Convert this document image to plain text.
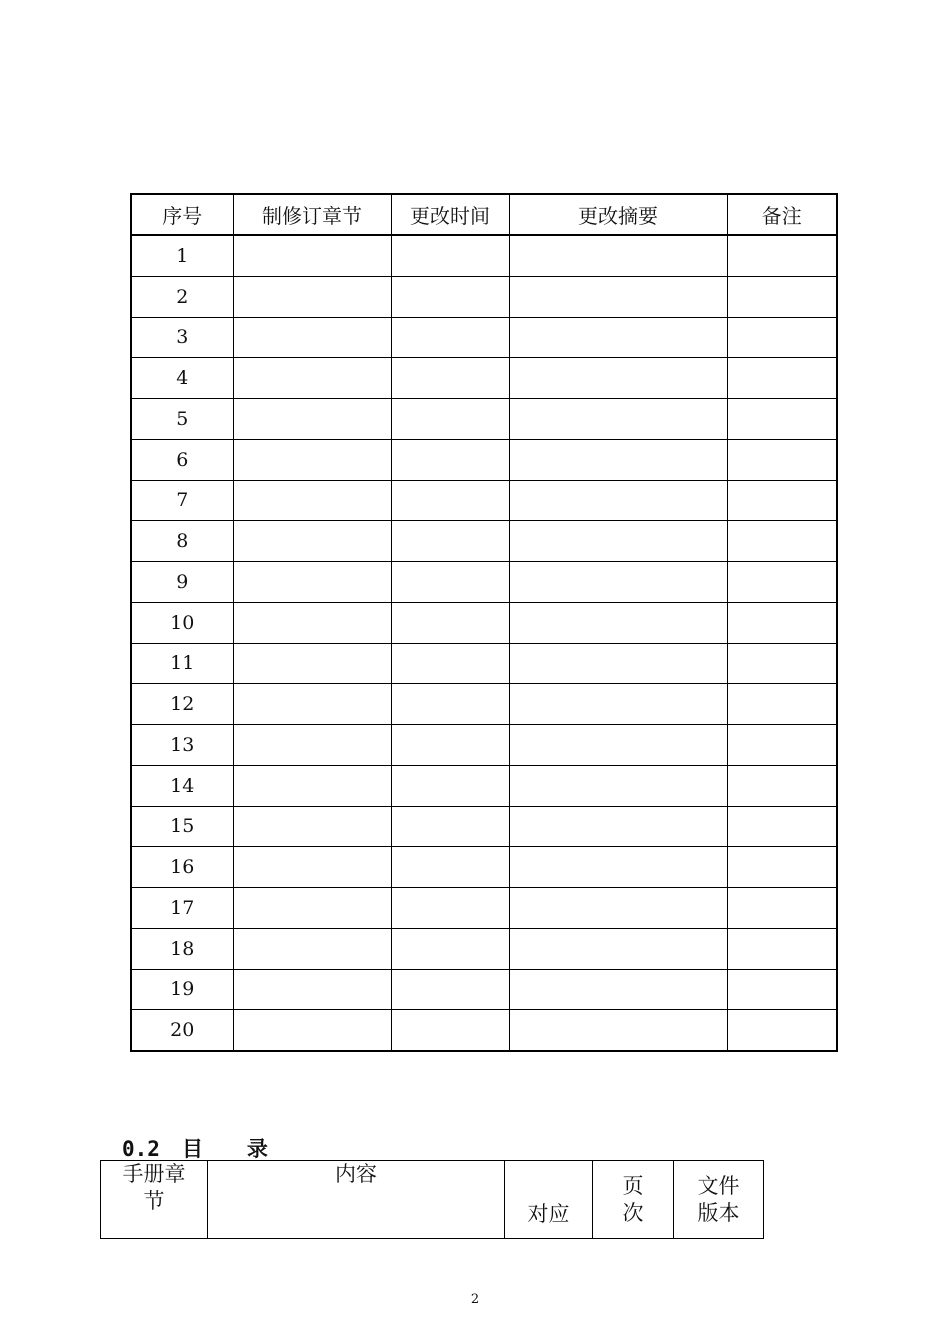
序号	制修订章节	更改时间	更改摘要	备注
1				
2				
3				
4				
5				
6				
7				
8				
9				
10				
11				
12				
13				
14				
15				
16				
17				
18				
19				
20				
0.2 目录
手册章节	内容	对应	页次	文件版本
2
